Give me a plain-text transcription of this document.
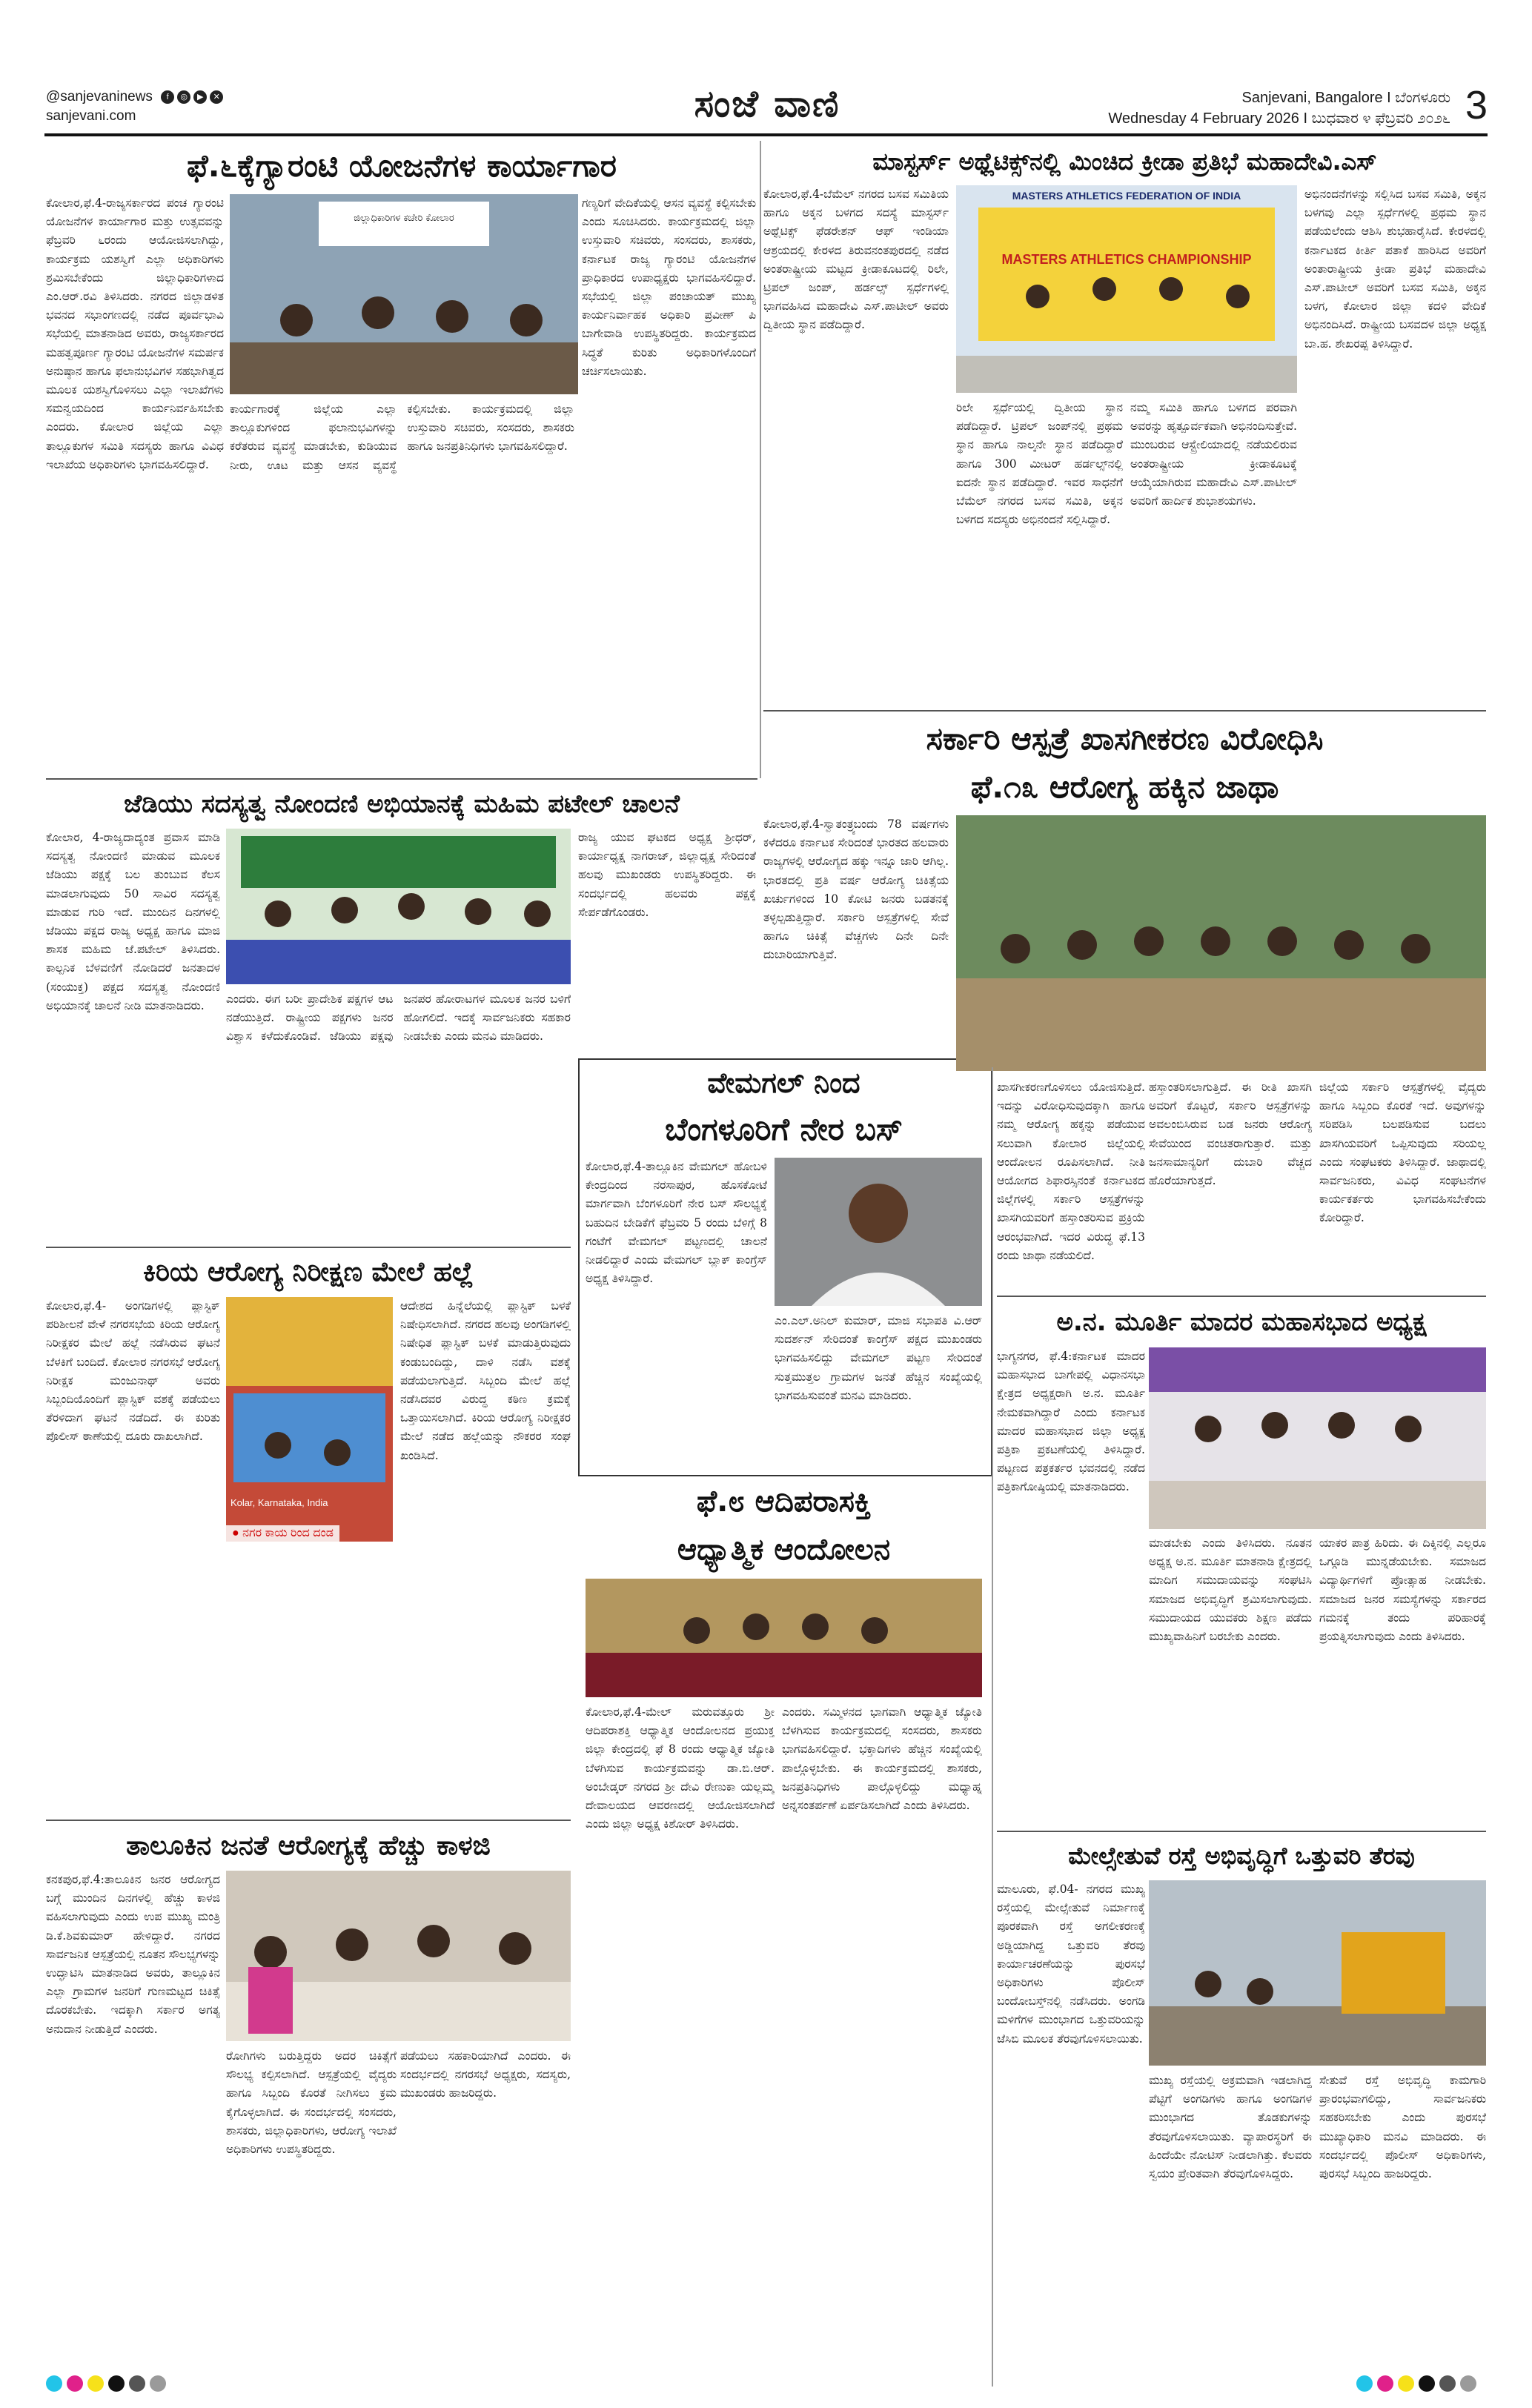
@sanjevaninews	f	◎	▶	✕
sanjevani.com	ಸಂಜೆ ವಾಣಿ	Sanjevani, Bangalore I ಬೆಂಗಳೂರು
Wednesday 4 February 2026 I ಬುಧವಾರ ೪ ಫೆಬ್ರವರಿ ೨೦೨೬ 3
ಫೆ.೬ಕ್ಕೆಗ್ಯಾರಂಟಿ ಯೋಜನೆಗಳ ಕಾರ್ಯಾಗಾರ
ಕೋಲಾರ,ಫೆ.4-ರಾಜ್ಯಸರ್ಕಾರದ ಪಂಚ ಗ್ಯಾರಂಟಿ ಯೋಜನೆಗಳ ಕಾರ್ಯಾಗಾರ ಮತ್ತು ಉತ್ಸವವನ್ನು ಫೆಬ್ರವರಿ ೬ರಂದು ಆಯೋಜಿಸಲಾಗಿದ್ದು, ಕಾರ್ಯಕ್ರಮ ಯಶಸ್ವಿಗೆ ಎಲ್ಲಾ ಅಧಿಕಾರಿಗಳು ಶ್ರಮಿಸಬೇಕೆಂದು ಜಿಲ್ಲಾಧಿಕಾರಿಗಳಾದ ಎಂ.ಆರ್.ರವಿ ತಿಳಿಸಿದರು. ನಗರದ ಜಿಲ್ಲಾಡಳಿತ ಭವನದ ಸಭಾಂಗಣದಲ್ಲಿ ನಡೆದ ಪೂರ್ವಭಾವಿ ಸಭೆಯಲ್ಲಿ ಮಾತನಾಡಿದ ಅವರು, ರಾಜ್ಯಸರ್ಕಾರದ ಮಹತ್ವಪೂರ್ಣ ಗ್ಯಾರಂಟಿ ಯೋಜನೆಗಳ ಸಮರ್ಪಕ ಅನುಷ್ಠಾನ ಹಾಗೂ ಫಲಾನುಭವಿಗಳ ಸಹಭಾಗಿತ್ವದ ಮೂಲಕ ಯಶಸ್ವಿಗೊಳಿಸಲು ಎಲ್ಲಾ ಇಲಾಖೆಗಳು ಸಮನ್ವಯದಿಂದ ಕಾರ್ಯನಿರ್ವಹಿಸಬೇಕು ಎಂದರು. ಕೋಲಾರ ಜಿಲ್ಲೆಯ ಎಲ್ಲಾ ತಾಲ್ಲೂಕುಗಳ ಸಮಿತಿ ಸದಸ್ಯರು ಹಾಗೂ ವಿವಿಧ ಇಲಾಖೆಯ ಅಧಿಕಾರಿಗಳು ಭಾಗವಹಿಸಲಿದ್ದಾರೆ.
ಜಿಲ್ಲಾಧಿಕಾರಿಗಳ ಕಚೇರಿ ಕೋಲಾರ
ಕಾರ್ಯಗಾರಕ್ಕೆ ಜಿಲ್ಲೆಯ ಎಲ್ಲಾ ತಾಲ್ಲೂಕುಗಳಿಂದ ಫಲಾನುಭವಿಗಳನ್ನು ಕರೆತರುವ ವ್ಯವಸ್ಥೆ ಮಾಡಬೇಕು, ಕುಡಿಯುವ ನೀರು, ಊಟ ಮತ್ತು ಆಸನ ವ್ಯವಸ್ಥೆ ಕಲ್ಪಿಸಬೇಕು. ಕಾರ್ಯಕ್ರಮದಲ್ಲಿ ಜಿಲ್ಲಾ ಉಸ್ತುವಾರಿ ಸಚಿವರು, ಸಂಸದರು, ಶಾಸಕರು ಹಾಗೂ ಜನಪ್ರತಿನಿಧಿಗಳು ಭಾಗವಹಿಸಲಿದ್ದಾರೆ.
ಗಣ್ಯರಿಗೆ ವೇದಿಕೆಯಲ್ಲಿ ಆಸನ ವ್ಯವಸ್ಥೆ ಕಲ್ಪಿಸಬೇಕು ಎಂದು ಸೂಚಿಸಿದರು. ಕಾರ್ಯಕ್ರಮದಲ್ಲಿ ಜಿಲ್ಲಾ ಉಸ್ತುವಾರಿ ಸಚಿವರು, ಸಂಸದರು, ಶಾಸಕರು, ಕರ್ನಾಟಕ ರಾಜ್ಯ ಗ್ಯಾರಂಟಿ ಯೋಜನೆಗಳ ಪ್ರಾಧಿಕಾರದ ಉಪಾಧ್ಯಕ್ಷರು ಭಾಗವಹಿಸಲಿದ್ದಾರೆ. ಸಭೆಯಲ್ಲಿ ಜಿಲ್ಲಾ ಪಂಚಾಯತ್ ಮುಖ್ಯ ಕಾರ್ಯನಿರ್ವಾಹಕ ಅಧಿಕಾರಿ ಪ್ರವೀಣ್ ಪಿ ಬಾಗೇವಾಡಿ ಉಪಸ್ಥಿತರಿದ್ದರು. ಕಾರ್ಯಕ್ರಮದ ಸಿದ್ಧತೆ ಕುರಿತು ಅಧಿಕಾರಿಗಳೊಂದಿಗೆ ಚರ್ಚಿಸಲಾಯಿತು.
ಜೆಡಿಯು ಸದಸ್ಯತ್ವ ನೋಂದಣಿ ಅಭಿಯಾನಕ್ಕೆ ಮಹಿಮ ಪಟೇಲ್ ಚಾಲನೆ
ಕೋಲಾರ, 4-ರಾಜ್ಯದಾದ್ಯಂತ ಪ್ರವಾಸ ಮಾಡಿ ಸದಸ್ಯತ್ವ ನೋಂದಣಿ ಮಾಡುವ ಮೂಲಕ ಜೆಡಿಯು ಪಕ್ಷಕ್ಕೆ ಬಲ ತುಂಬುವ ಕೆಲಸ ಮಾಡಲಾಗುವುದು 50 ಸಾವಿರ ಸದಸ್ಯತ್ವ ಮಾಡುವ ಗುರಿ ಇದೆ. ಮುಂದಿನ ದಿನಗಳಲ್ಲಿ ಜೆಡಿಯು ಪಕ್ಷದ ರಾಜ್ಯ ಅಧ್ಯಕ್ಷ ಹಾಗೂ ಮಾಜಿ ಶಾಸಕ ಮಹಿಮ ಜೆ.ಪಟೇಲ್ ತಿಳಿಸಿದರು. ಕಾಲ್ಪನಿಕ ಬೆಳವಣಿಗೆ ನೋಡಿದರೆ ಜನತಾದಳ (ಸಂಯುಕ್ತ) ಪಕ್ಷದ ಸದಸ್ಯತ್ವ ನೋಂದಣಿ ಅಭಿಯಾನಕ್ಕೆ ಚಾಲನೆ ನೀಡಿ ಮಾತನಾಡಿದರು.	ಎಂದರು. ಈಗ ಬರೀ ಪ್ರಾದೇಶಿಕ ಪಕ್ಷಗಳ ಆಟ ನಡೆಯುತ್ತಿದೆ. ರಾಷ್ಟ್ರೀಯ ಪಕ್ಷಗಳು ಜನರ ವಿಶ್ವಾಸ ಕಳೆದುಕೊಂಡಿವೆ. ಜೆಡಿಯು ಪಕ್ಷವು ಜನಪರ ಹೋರಾಟಗಳ ಮೂಲಕ ಜನರ ಬಳಿಗೆ ಹೋಗಲಿದೆ. ಇದಕ್ಕೆ ಸಾರ್ವಜನಿಕರು ಸಹಕಾರ ನೀಡಬೇಕು ಎಂದು ಮನವಿ ಮಾಡಿದರು.
ರಾಜ್ಯ ಯುವ ಘಟಕದ ಅಧ್ಯಕ್ಷ ಶ್ರೀಧರ್, ಕಾರ್ಯಾಧ್ಯಕ್ಷ ನಾಗರಾಜ್, ಜಿಲ್ಲಾಧ್ಯಕ್ಷ ಸೇರಿದಂತೆ ಹಲವು ಮುಖಂಡರು ಉಪಸ್ಥಿತರಿದ್ದರು. ಈ ಸಂದರ್ಭದಲ್ಲಿ ಹಲವರು ಪಕ್ಷಕ್ಕೆ ಸೇರ್ಪಡೆಗೊಂಡರು.
ವೇಮಗಲ್ ನಿಂದ
ಬೆಂಗಳೂರಿಗೆ ನೇರ ಬಸ್
ಕೋಲಾರ,ಫೆ.4-ತಾಲ್ಲೂಕಿನ ವೇಮಗಲ್ ಹೋಬಳಿ ಕೇಂದ್ರದಿಂದ ನರಸಾಪುರ, ಹೊಸಕೋಟೆ ಮಾರ್ಗವಾಗಿ ಬೆಂಗಳೂರಿಗೆ ನೇರ ಬಸ್ ಸೌಲಭ್ಯಕ್ಕೆ ಬಹುದಿನ ಬೇಡಿಕೆಗೆ ಫೆಬ್ರವರಿ 5 ರಂದು ಬೆಳಿಗ್ಗೆ 8 ಗಂಟೆಗೆ ವೇಮಗಲ್ ಪಟ್ಟಣದಲ್ಲಿ ಚಾಲನೆ ನೀಡಲಿದ್ದಾರೆ ಎಂದು ವೇಮಗಲ್ ಬ್ಲಾಕ್ ಕಾಂಗ್ರೆಸ್ ಅಧ್ಯಕ್ಷ ತಿಳಿಸಿದ್ದಾರೆ.
ಎಂ.ಎಲ್.ಅನಿಲ್ ಕುಮಾರ್, ಮಾಜಿ ಸಭಾಪತಿ ವಿ.ಆರ್ ಸುದರ್ಶನ್ ಸೇರಿದಂತೆ ಕಾಂಗ್ರೆಸ್ ಪಕ್ಷದ ಮುಖಂಡರು ಭಾಗವಹಿಸಲಿದ್ದು ವೇಮಗಲ್ ಪಟ್ಟಣ ಸೇರಿದಂತೆ ಸುತ್ತಮುತ್ತಲ ಗ್ರಾಮಗಳ ಜನತೆ ಹೆಚ್ಚಿನ ಸಂಖ್ಯೆಯಲ್ಲಿ ಭಾಗವಹಿಸುವಂತೆ ಮನವಿ ಮಾಡಿದರು.
ಕಿರಿಯ ಆರೋಗ್ಯ ನಿರೀಕ್ಷಣ ಮೇಲೆ ಹಲ್ಲೆ
ಕೋಲಾರ,ಫೆ.4- ಅಂಗಡಿಗಳಲ್ಲಿ ಪ್ಲಾಸ್ಟಿಕ್ ಪರಿಶೀಲನೆ ವೇಳೆ ನಗರಸಭೆಯ ಕಿರಿಯ ಆರೋಗ್ಯ ನಿರೀಕ್ಷಕರ ಮೇಲೆ ಹಲ್ಲೆ ನಡೆಸಿರುವ ಘಟನೆ ಬೆಳಕಿಗೆ ಬಂದಿದೆ. ಕೋಲಾರ ನಗರಸಭೆ ಆರೋಗ್ಯ ನಿರೀಕ್ಷಕ ಮಂಜುನಾಥ್ ಅವರು ಸಿಬ್ಬಂದಿಯೊಂದಿಗೆ ಪ್ಲಾಸ್ಟಿಕ್ ವಶಕ್ಕೆ ಪಡೆಯಲು ತೆರಳಿದಾಗ ಘಟನೆ ನಡೆದಿದೆ. ಈ ಕುರಿತು ಪೊಲೀಸ್ ಠಾಣೆಯಲ್ಲಿ ದೂರು ದಾಖಲಾಗಿದೆ.
Kolar, Karnataka, India
● ನಗರ ಕಾಯ ರಿಂದ ದಂಡ
ಆದೇಶದ ಹಿನ್ನೆಲೆಯಲ್ಲಿ ಪ್ಲಾಸ್ಟಿಕ್ ಬಳಕೆ ನಿಷೇಧಿಸಲಾಗಿದೆ. ನಗರದ ಹಲವು ಅಂಗಡಿಗಳಲ್ಲಿ ನಿಷೇಧಿತ ಪ್ಲಾಸ್ಟಿಕ್ ಬಳಕೆ ಮಾಡುತ್ತಿರುವುದು ಕಂಡುಬಂದಿದ್ದು, ದಾಳಿ ನಡೆಸಿ ವಶಕ್ಕೆ ಪಡೆಯಲಾಗುತ್ತಿದೆ. ಸಿಬ್ಬಂದಿ ಮೇಲೆ ಹಲ್ಲೆ ನಡೆಸಿದವರ ವಿರುದ್ಧ ಕಠಿಣ ಕ್ರಮಕ್ಕೆ ಒತ್ತಾಯಿಸಲಾಗಿದೆ. ಕಿರಿಯ ಆರೋಗ್ಯ ನಿರೀಕ್ಷಕರ ಮೇಲೆ ನಡೆದ ಹಲ್ಲೆಯನ್ನು ನೌಕರರ ಸಂಘ ಖಂಡಿಸಿದೆ.
ಫೆ.೮ ಆದಿಪರಾಸಕ್ತಿ
ಆಧ್ಯಾತ್ಮಿಕ ಆಂದೋಲನ
ಕೋಲಾರ,ಫೆ.4-ಮೇಲ್ ಮರುವತ್ತೂರು ಶ್ರೀ ಆದಿಪರಾಶಕ್ತಿ ಆಧ್ಯಾತ್ಮಿಕ ಆಂದೋಲನದ ಪ್ರಯುಕ್ತ ಜಿಲ್ಲಾ ಕೇಂದ್ರದಲ್ಲಿ ಫೆ 8 ರಂದು ಆಧ್ಯಾತ್ಮಿಕ ಜ್ಯೋತಿ ಬೆಳಗಿಸುವ ಕಾರ್ಯಕ್ರಮವನ್ನು ಡಾ.ಬಿ.ಆರ್. ಅಂಬೇಡ್ಕರ್ ನಗರದ ಶ್ರೀ ದೇವಿ ರೇಣುಕಾ ಯಲ್ಲಮ್ಮ ದೇವಾಲಯದ ಆವರಣದಲ್ಲಿ ಆಯೋಜಿಸಲಾಗಿದೆ ಎಂದು ಜಿಲ್ಲಾ ಅಧ್ಯಕ್ಷ ಕಿಶೋರ್ ತಿಳಿಸಿದರು.
ಎಂದರು. ಸಮ್ಮಿಳನದ ಭಾಗವಾಗಿ ಆಧ್ಯಾತ್ಮಿಕ ಜ್ಯೋತಿ ಬೆಳಗಿಸುವ ಕಾರ್ಯಕ್ರಮದಲ್ಲಿ ಸಂಸದರು, ಶಾಸಕರು ಭಾಗವಹಿಸಲಿದ್ದಾರೆ. ಭಕ್ತಾದಿಗಳು ಹೆಚ್ಚಿನ ಸಂಖ್ಯೆಯಲ್ಲಿ ಪಾಲ್ಗೊಳ್ಳಬೇಕು. ಈ ಕಾರ್ಯಕ್ರಮದಲ್ಲಿ ಶಾಸಕರು, ಜನಪ್ರತಿನಿಧಿಗಳು ಪಾಲ್ಗೊಳ್ಳಲಿದ್ದು ಮಧ್ಯಾಹ್ನ ಅನ್ನಸಂತರ್ಪಣೆ ಏರ್ಪಡಿಸಲಾಗಿದೆ ಎಂದು ತಿಳಿಸಿದರು.
ತಾಲೂಕಿನ ಜನತೆ ಆರೋಗ್ಯಕ್ಕೆ ಹೆಚ್ಚು ಕಾಳಜಿ
ಕನಕಪುರ,ಫೆ.4:ತಾಲೂಕಿನ ಜನರ ಆರೋಗ್ಯದ ಬಗ್ಗೆ ಮುಂದಿನ ದಿನಗಳಲ್ಲಿ ಹೆಚ್ಚು ಕಾಳಜಿ ವಹಿಸಲಾಗುವುದು ಎಂದು ಉಪ ಮುಖ್ಯ ಮಂತ್ರಿ ಡಿ.ಕೆ.ಶಿವಕುಮಾರ್ ಹೇಳಿದ್ದಾರೆ. ನಗರದ ಸಾರ್ವಜನಿಕ ಆಸ್ಪತ್ರೆಯಲ್ಲಿ ನೂತನ ಸೌಲಭ್ಯಗಳನ್ನು ಉದ್ಘಾಟಿಸಿ ಮಾತನಾಡಿದ ಅವರು, ತಾಲ್ಲೂಕಿನ ಎಲ್ಲಾ ಗ್ರಾಮಗಳ ಜನರಿಗೆ ಗುಣಮಟ್ಟದ ಚಿಕಿತ್ಸೆ ದೊರಕಬೇಕು. ಇದಕ್ಕಾಗಿ ಸರ್ಕಾರ ಅಗತ್ಯ ಅನುದಾನ ನೀಡುತ್ತಿದೆ ಎಂದರು.
ರೋಗಿಗಳು ಬರುತ್ತಿದ್ದರು ಅದರ ಚಿಕಿತ್ಸೆಗೆ ಸೌಲಭ್ಯ ಕಲ್ಪಿಸಲಾಗಿದೆ. ಆಸ್ಪತ್ರೆಯಲ್ಲಿ ವೈದ್ಯರು ಹಾಗೂ ಸಿಬ್ಬಂದಿ ಕೊರತೆ ನೀಗಿಸಲು ಕ್ರಮ ಕೈಗೊಳ್ಳಲಾಗಿದೆ. ಈ ಸಂದರ್ಭದಲ್ಲಿ ಸಂಸದರು, ಶಾಸಕರು, ಜಿಲ್ಲಾಧಿಕಾರಿಗಳು, ಆರೋಗ್ಯ ಇಲಾಖೆ ಅಧಿಕಾರಿಗಳು ಉಪಸ್ಥಿತರಿದ್ದರು.
ಪಡೆಯಲು ಸಹಕಾರಿಯಾಗಿದೆ ಎಂದರು. ಈ ಸಂದರ್ಭದಲ್ಲಿ ನಗರಸಭೆ ಅಧ್ಯಕ್ಷರು, ಸದಸ್ಯರು, ಮುಖಂಡರು ಹಾಜರಿದ್ದರು.
ಮಾಸ್ಟರ್ಸ್ ಅಥ್ಲೆಟಿಕ್ಸ್‌ನಲ್ಲಿ ಮಿಂಚಿದ ಕ್ರೀಡಾ ಪ್ರತಿಭೆ ಮಹಾದೇವಿ.ಎಸ್
ಕೋಲಾರ,ಫೆ.4-ಬೆಮೆಲ್ ನಗರದ ಬಸವ ಸಮಿತಿಯ ಹಾಗೂ ಅಕ್ಕನ ಬಳಗದ ಸದಸ್ಯೆ ಮಾಸ್ಟರ್ಸ್ ಅಥ್ಲೆಟಿಕ್ಸ್ ಫೆಡರೇಶನ್ ಆಫ್ ಇಂಡಿಯಾ ಆಶ್ರಯದಲ್ಲಿ ಕೇರಳದ ತಿರುವನಂತಪುರದಲ್ಲಿ ನಡೆದ ಅಂತರಾಷ್ಟ್ರೀಯ ಮಟ್ಟದ ಕ್ರೀಡಾಕೂಟದಲ್ಲಿ ರಿಲೇ, ಟ್ರಿಪಲ್ ಜಂಪ್, ಹರ್ಡಲ್ಸ್ ಸ್ಪರ್ಧೆಗಳಲ್ಲಿ ಭಾಗವಹಿಸಿದ ಮಹಾದೇವಿ ಎಸ್.ಪಾಟೀಲ್ ಅವರು ದ್ವಿತೀಯ ಸ್ಥಾನ ಪಡೆದಿದ್ದಾರೆ.
MASTERS ATHLETICS FEDERATION OF INDIA
MASTERS ATHLETICS CHAMPIONSHIP
ರಿಲೇ ಸ್ಪರ್ಧೆಯಲ್ಲಿ ದ್ವಿತೀಯ ಸ್ಥಾನ ಪಡೆದಿದ್ದಾರೆ. ಟ್ರಿಪಲ್ ಜಂಪ್‌ನಲ್ಲಿ ಪ್ರಥಮ ಸ್ಥಾನ ಹಾಗೂ ನಾಲ್ಕನೇ ಸ್ಥಾನ ಪಡೆದಿದ್ದಾರೆ ಹಾಗೂ 300 ಮೀಟರ್ ಹರ್ಡಲ್ಸ್‌ನಲ್ಲಿ ಐದನೇ ಸ್ಥಾನ ಪಡೆದಿದ್ದಾರೆ. ಇವರ ಸಾಧನೆಗೆ ಬೆಮೆಲ್ ನಗರದ ಬಸವ ಸಮಿತಿ, ಅಕ್ಕನ ಬಳಗದ ಸದಸ್ಯರು ಅಭಿನಂದನೆ ಸಲ್ಲಿಸಿದ್ದಾರೆ.
ನಮ್ಮ ಸಮಿತಿ ಹಾಗೂ ಬಳಗದ ಪರವಾಗಿ ಅವರನ್ನು ಹೃತ್ಪೂರ್ವಕವಾಗಿ ಅಭಿನಂದಿಸುತ್ತೇವೆ. ಮುಂಬರುವ ಆಸ್ಟ್ರೇಲಿಯಾದಲ್ಲಿ ನಡೆಯಲಿರುವ ಅಂತರಾಷ್ಟ್ರೀಯ ಕ್ರೀಡಾಕೂಟಕ್ಕೆ ಆಯ್ಕೆಯಾಗಿರುವ ಮಹಾದೇವಿ ಎಸ್.ಪಾಟೀಲ್ ಅವರಿಗೆ ಹಾರ್ದಿಕ ಶುಭಾಶಯಗಳು.
ಅಭಿನಂದನೆಗಳನ್ನು ಸಲ್ಲಿಸಿದ ಬಸವ ಸಮಿತಿ, ಅಕ್ಕನ ಬಳಗವು ಎಲ್ಲಾ ಸ್ಪರ್ಧೆಗಳಲ್ಲಿ ಪ್ರಥಮ ಸ್ಥಾನ ಪಡೆಯಲೆಂದು ಆಶಿಸಿ ಶುಭಹಾರೈಸಿದೆ. ಕೇರಳದಲ್ಲಿ ಕರ್ನಾಟಕದ ಕೀರ್ತಿ ಪತಾಕೆ ಹಾರಿಸಿದ ಅವರಿಗೆ ಅಂತಾರಾಷ್ಟ್ರೀಯ ಕ್ರೀಡಾ ಪ್ರತಿಭೆ ಮಹಾದೇವಿ ಎಸ್.ಪಾಟೀಲ್ ಅವರಿಗೆ ಬಸವ ಸಮಿತಿ, ಅಕ್ಕನ ಬಳಗ, ಕೋಲಾರ ಜಿಲ್ಲಾ ಕದಳಿ ವೇದಿಕೆ ಅಭಿನಂದಿಸಿದೆ. ರಾಷ್ಟ್ರೀಯ ಬಸವದಳ ಜಿಲ್ಲಾ ಅಧ್ಯಕ್ಷ ಬಾ.ಹ. ಶೇಖರಪ್ಪ ತಿಳಿಸಿದ್ದಾರೆ.
ಸರ್ಕಾರಿ ಆಸ್ಪತ್ರೆ ಖಾಸಗೀಕರಣ ವಿರೋಧಿಸಿ
ಫೆ.೧೩ ಆರೋಗ್ಯ ಹಕ್ಕಿನ ಜಾಥಾ
ಕೋಲಾರ,ಫೆ.4-ಸ್ವಾತಂತ್ರ್ಯಬಂದು 78 ವರ್ಷಗಳು ಕಳೆದರೂ ಕರ್ನಾಟಕ ಸೇರಿದಂತೆ ಭಾರತದ ಹಲವಾರು ರಾಜ್ಯಗಳಲ್ಲಿ ಆರೋಗ್ಯದ ಹಕ್ಕು ಇನ್ನೂ ಜಾರಿ ಆಗಿಲ್ಲ. ಭಾರತದಲ್ಲಿ ಪ್ರತಿ ವರ್ಷ ಆರೋಗ್ಯ ಚಿಕಿತ್ಸೆಯ ಖರ್ಚುಗಳಿಂದ 10 ಕೋಟಿ ಜನರು ಬಡತನಕ್ಕೆ ತಳ್ಳಲ್ಪಡುತ್ತಿದ್ದಾರೆ. ಸರ್ಕಾರಿ ಆಸ್ಪತ್ರೆಗಳಲ್ಲಿ ಸೇವೆ ಹಾಗೂ ಚಿಕಿತ್ಸೆ ವೆಚ್ಚಗಳು ದಿನೇ ದಿನೇ ದುಬಾರಿಯಾಗುತ್ತಿವೆ.
ಖಾಸಗೀಕರಣಗೊಳಿಸಲು ಯೋಜಿಸುತ್ತಿದೆ. ಇದನ್ನು ವಿರೋಧಿಸುವುದಕ್ಕಾಗಿ ಹಾಗೂ ನಮ್ಮ ಆರೋಗ್ಯ ಹಕ್ಕನ್ನು ಪಡೆಯುವ ಸಲುವಾಗಿ ಕೋಲಾರ ಜಿಲ್ಲೆಯಲ್ಲಿ ಆಂದೋಲನ ರೂಪಿಸಲಾಗಿದೆ. ನೀತಿ ಆಯೋಗದ ಶಿಫಾರಸ್ಸಿನಂತೆ ಕರ್ನಾಟಕದ ಜಿಲ್ಲೆಗಳಲ್ಲಿ ಸರ್ಕಾರಿ ಆಸ್ಪತ್ರೆಗಳನ್ನು ಖಾಸಗಿಯವರಿಗೆ ಹಸ್ತಾಂತರಿಸುವ ಪ್ರಕ್ರಿಯೆ ಆರಂಭವಾಗಿದೆ. ಇದರ ವಿರುದ್ಧ ಫೆ.13 ರಂದು ಜಾಥಾ ನಡೆಯಲಿದೆ.
ಹಸ್ತಾಂತರಿಸಲಾಗುತ್ತಿದೆ. ಈ ರೀತಿ ಖಾಸಗಿ ಅವರಿಗೆ ಕೊಟ್ಟರೆ, ಸರ್ಕಾರಿ ಆಸ್ಪತ್ರೆಗಳನ್ನು ಅವಲಂಬಿಸಿರುವ ಬಡ ಜನರು ಆರೋಗ್ಯ ಸೇವೆಯಿಂದ ವಂಚಿತರಾಗುತ್ತಾರೆ. ಮತ್ತು ಜನಸಾಮಾನ್ಯರಿಗೆ ದುಬಾರಿ ವೆಚ್ಚದ ಹೊರೆಯಾಗುತ್ತದೆ.
ಜಿಲ್ಲೆಯ ಸರ್ಕಾರಿ ಆಸ್ಪತ್ರೆಗಳಲ್ಲಿ ವೈದ್ಯರು ಹಾಗೂ ಸಿಬ್ಬಂದಿ ಕೊರತೆ ಇದೆ. ಅವುಗಳನ್ನು ಸರಿಪಡಿಸಿ ಬಲಪಡಿಸುವ ಬದಲು ಖಾಸಗಿಯವರಿಗೆ ಒಪ್ಪಿಸುವುದು ಸರಿಯಲ್ಲ ಎಂದು ಸಂಘಟಕರು ತಿಳಿಸಿದ್ದಾರೆ. ಜಾಥಾದಲ್ಲಿ ಸಾರ್ವಜನಿಕರು, ವಿವಿಧ ಸಂಘಟನೆಗಳ ಕಾರ್ಯಕರ್ತರು ಭಾಗವಹಿಸಬೇಕೆಂದು ಕೋರಿದ್ದಾರೆ.
ಅ.ನ. ಮೂರ್ತಿ ಮಾದರ ಮಹಾಸಭಾದ ಅಧ್ಯಕ್ಷ
ಭಾಗ್ಯನಗರ, ಫೆ.4:ಕರ್ನಾಟಕ ಮಾದರ ಮಹಾಸಭಾದ ಬಾಗೇಪಲ್ಲಿ ವಿಧಾನಸಭಾ ಕ್ಷೇತ್ರದ ಅಧ್ಯಕ್ಷರಾಗಿ ಅ.ನ. ಮೂರ್ತಿ ನೇಮಕವಾಗಿದ್ದಾರೆ ಎಂದು ಕರ್ನಾಟಕ ಮಾದರ ಮಹಾಸಭಾದ ಜಿಲ್ಲಾ ಅಧ್ಯಕ್ಷ ಪತ್ರಿಕಾ ಪ್ರಕಟಣೆಯಲ್ಲಿ ತಿಳಿಸಿದ್ದಾರೆ. ಪಟ್ಟಣದ ಪತ್ರಕರ್ತರ ಭವನದಲ್ಲಿ ನಡೆದ ಪತ್ರಿಕಾಗೋಷ್ಠಿಯಲ್ಲಿ ಮಾತನಾಡಿದರು.
ಮಾಡಬೇಕು ಎಂದು ತಿಳಿಸಿದರು. ನೂತನ ಅಧ್ಯಕ್ಷ ಅ.ನ. ಮೂರ್ತಿ ಮಾತನಾಡಿ ಕ್ಷೇತ್ರದಲ್ಲಿ ಮಾದಿಗ ಸಮುದಾಯವನ್ನು ಸಂಘಟಿಸಿ ಸಮಾಜದ ಅಭಿವೃದ್ಧಿಗೆ ಶ್ರಮಿಸಲಾಗುವುದು. ಸಮುದಾಯದ ಯುವಕರು ಶಿಕ್ಷಣ ಪಡೆದು ಮುಖ್ಯವಾಹಿನಿಗೆ ಬರಬೇಕು ಎಂದರು.
ಯಾಕರ ಪಾತ್ರ ಹಿರಿದು. ಈ ದಿಕ್ಕಿನಲ್ಲಿ ಎಲ್ಲರೂ ಒಗ್ಗೂಡಿ ಮುನ್ನಡೆಯಬೇಕು. ಸಮಾಜದ ವಿದ್ಯಾರ್ಥಿಗಳಿಗೆ ಪ್ರೋತ್ಸಾಹ ನೀಡಬೇಕು. ಸಮಾಜದ ಜನರ ಸಮಸ್ಯೆಗಳನ್ನು ಸರ್ಕಾರದ ಗಮನಕ್ಕೆ ತಂದು ಪರಿಹಾರಕ್ಕೆ ಪ್ರಯತ್ನಿಸಲಾಗುವುದು ಎಂದು ತಿಳಿಸಿದರು.
ಮೇಲ್ಸೇತುವೆ ರಸ್ತೆ ಅಭಿವೃದ್ಧಿಗೆ ಒತ್ತುವರಿ ತೆರವು
ಮಾಲೂರು, ಫೆ.04- ನಗರದ ಮುಖ್ಯ ರಸ್ತೆಯಲ್ಲಿ ಮೇಲ್ಸೇತುವೆ ನಿರ್ಮಾಣಕ್ಕೆ ಪೂರಕವಾಗಿ ರಸ್ತೆ ಅಗಲೀಕರಣಕ್ಕೆ ಅಡ್ಡಿಯಾಗಿದ್ದ ಒತ್ತುವರಿ ತೆರವು ಕಾರ್ಯಾಚರಣೆಯನ್ನು ಪುರಸಭೆ ಅಧಿಕಾರಿಗಳು ಪೊಲೀಸ್ ಬಂದೋಬಸ್ತ್‌ನಲ್ಲಿ ನಡೆಸಿದರು. ಅಂಗಡಿ ಮಳಿಗೆಗಳ ಮುಂಭಾಗದ ಒತ್ತುವರಿಯನ್ನು ಜೆಸಿಬಿ ಮೂಲಕ ತೆರವುಗೊಳಿಸಲಾಯಿತು.
ಮುಖ್ಯ ರಸ್ತೆಯಲ್ಲಿ ಅಕ್ರಮವಾಗಿ ಇಡಲಾಗಿದ್ದ ಪೆಟ್ಟಿಗೆ ಅಂಗಡಿಗಳು ಹಾಗೂ ಅಂಗಡಿಗಳ ಮುಂಭಾಗದ ತೊಡಕುಗಳನ್ನು ತೆರವುಗೊಳಿಸಲಾಯಿತು. ವ್ಯಾಪಾರಸ್ಥರಿಗೆ ಈ ಹಿಂದೆಯೇ ನೋಟಿಸ್ ನೀಡಲಾಗಿತ್ತು. ಕೆಲವರು ಸ್ವಯಂ ಪ್ರೇರಿತವಾಗಿ ತೆರವುಗೊಳಿಸಿದ್ದರು.
ಸೇತುವೆ ರಸ್ತೆ ಅಭಿವೃದ್ಧಿ ಕಾಮಗಾರಿ ಪ್ರಾರಂಭವಾಗಲಿದ್ದು, ಸಾರ್ವಜನಿಕರು ಸಹಕರಿಸಬೇಕು ಎಂದು ಪುರಸಭೆ ಮುಖ್ಯಾಧಿಕಾರಿ ಮನವಿ ಮಾಡಿದರು. ಈ ಸಂದರ್ಭದಲ್ಲಿ ಪೊಲೀಸ್ ಅಧಿಕಾರಿಗಳು, ಪುರಸಭೆ ಸಿಬ್ಬಂದಿ ಹಾಜರಿದ್ದರು.
